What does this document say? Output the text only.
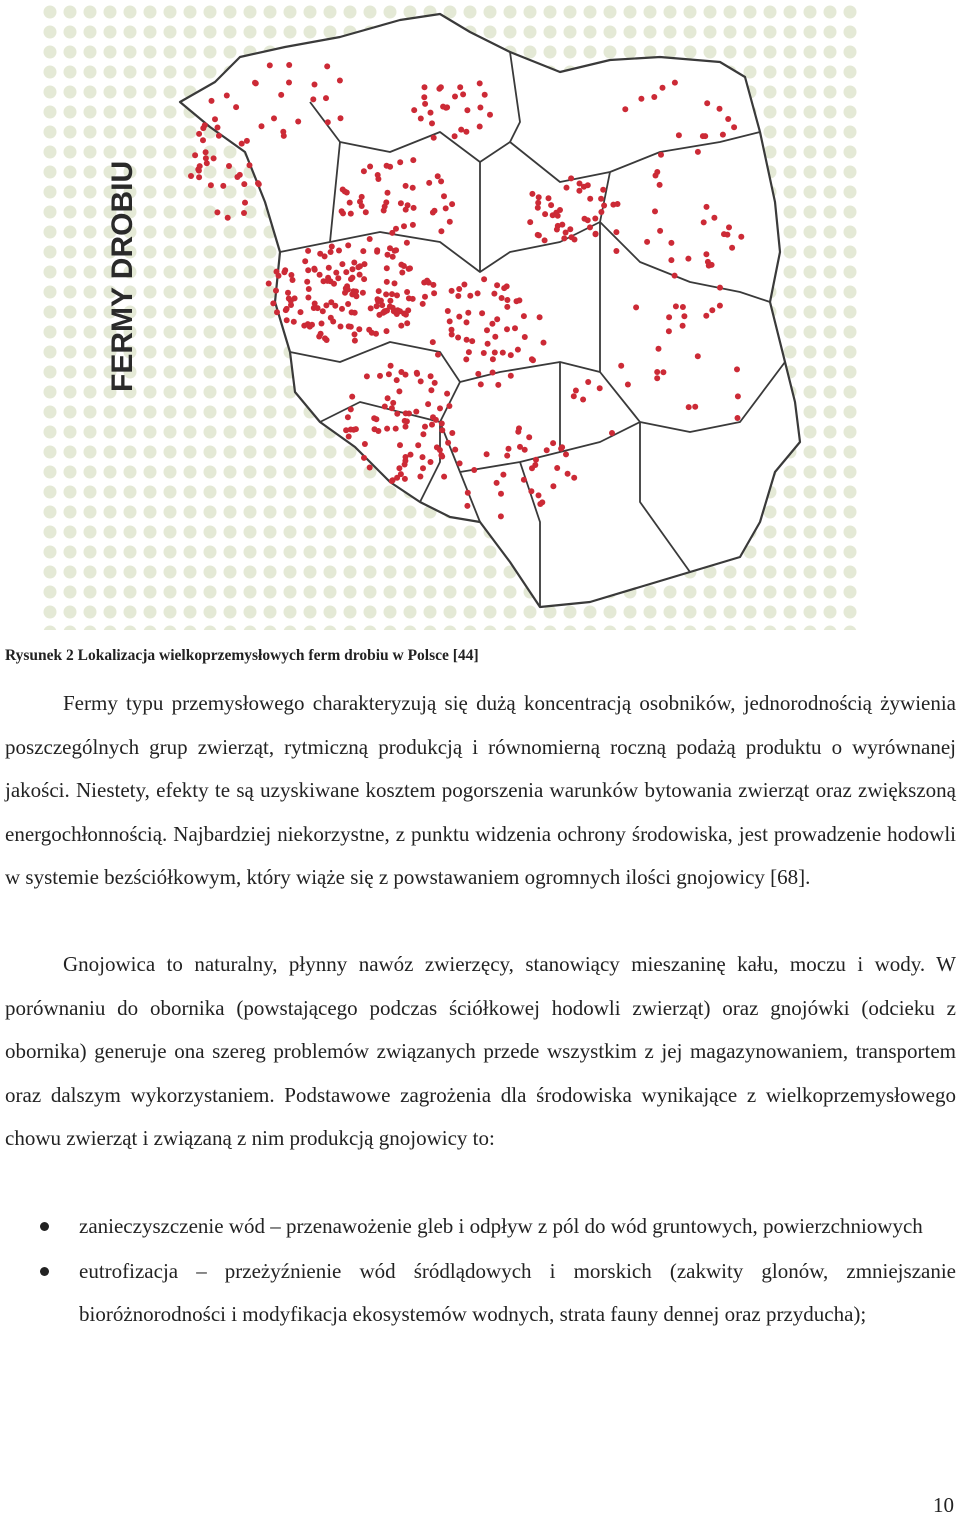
FERMY DROBIU
Rysunek 2 Lokalizacja wielkoprzemysłowych ferm drobiu w Polsce [44]

Fermy typu przemysłowego charakteryzują się dużą koncentracją osobników, jednorodnością żywienia poszczególnych grup zwierząt, rytmiczną produkcją i równomierną roczną podażą produktu o wyrównanej jakości. Niestety, efekty te są uzyskiwane kosztem pogorszenia warunków bytowania zwierząt oraz zwiększoną energochłonnością. Najbardziej niekorzystne, z punktu widzenia ochrony środowiska, jest prowadzenie hodowli w systemie bezściółkowym, który wiąże się z powstawaniem ogromnych ilości gnojowicy [68].

Gnojowica to naturalny, płynny nawóz zwierzęcy, stanowiący mieszaninę kału, moczu i wody. W porównaniu do obornika (powstającego podczas ściółkowej hodowli zwierząt) oraz gnojówki (odcieku z obornika) generuje ona szereg problemów związanych przede wszystkim z jej magazynowaniem, transportem oraz dalszym wykorzystaniem. Podstawowe zagrożenia dla środowiska wynikające z wielkoprzemysłowego chowu zwierząt i związaną z nim produkcją gnojowicy to:

zanieczyszczenie wód – przenawożenie gleb i odpływ z pól do wód gruntowych, powierzchniowych
eutrofizacja – przeżyźnienie wód śródlądowych i morskich (zakwity glonów, zmniejszanie bioróżnorodności i modyfikacja ekosystemów wodnych, strata fauny dennej oraz przyducha);
10
